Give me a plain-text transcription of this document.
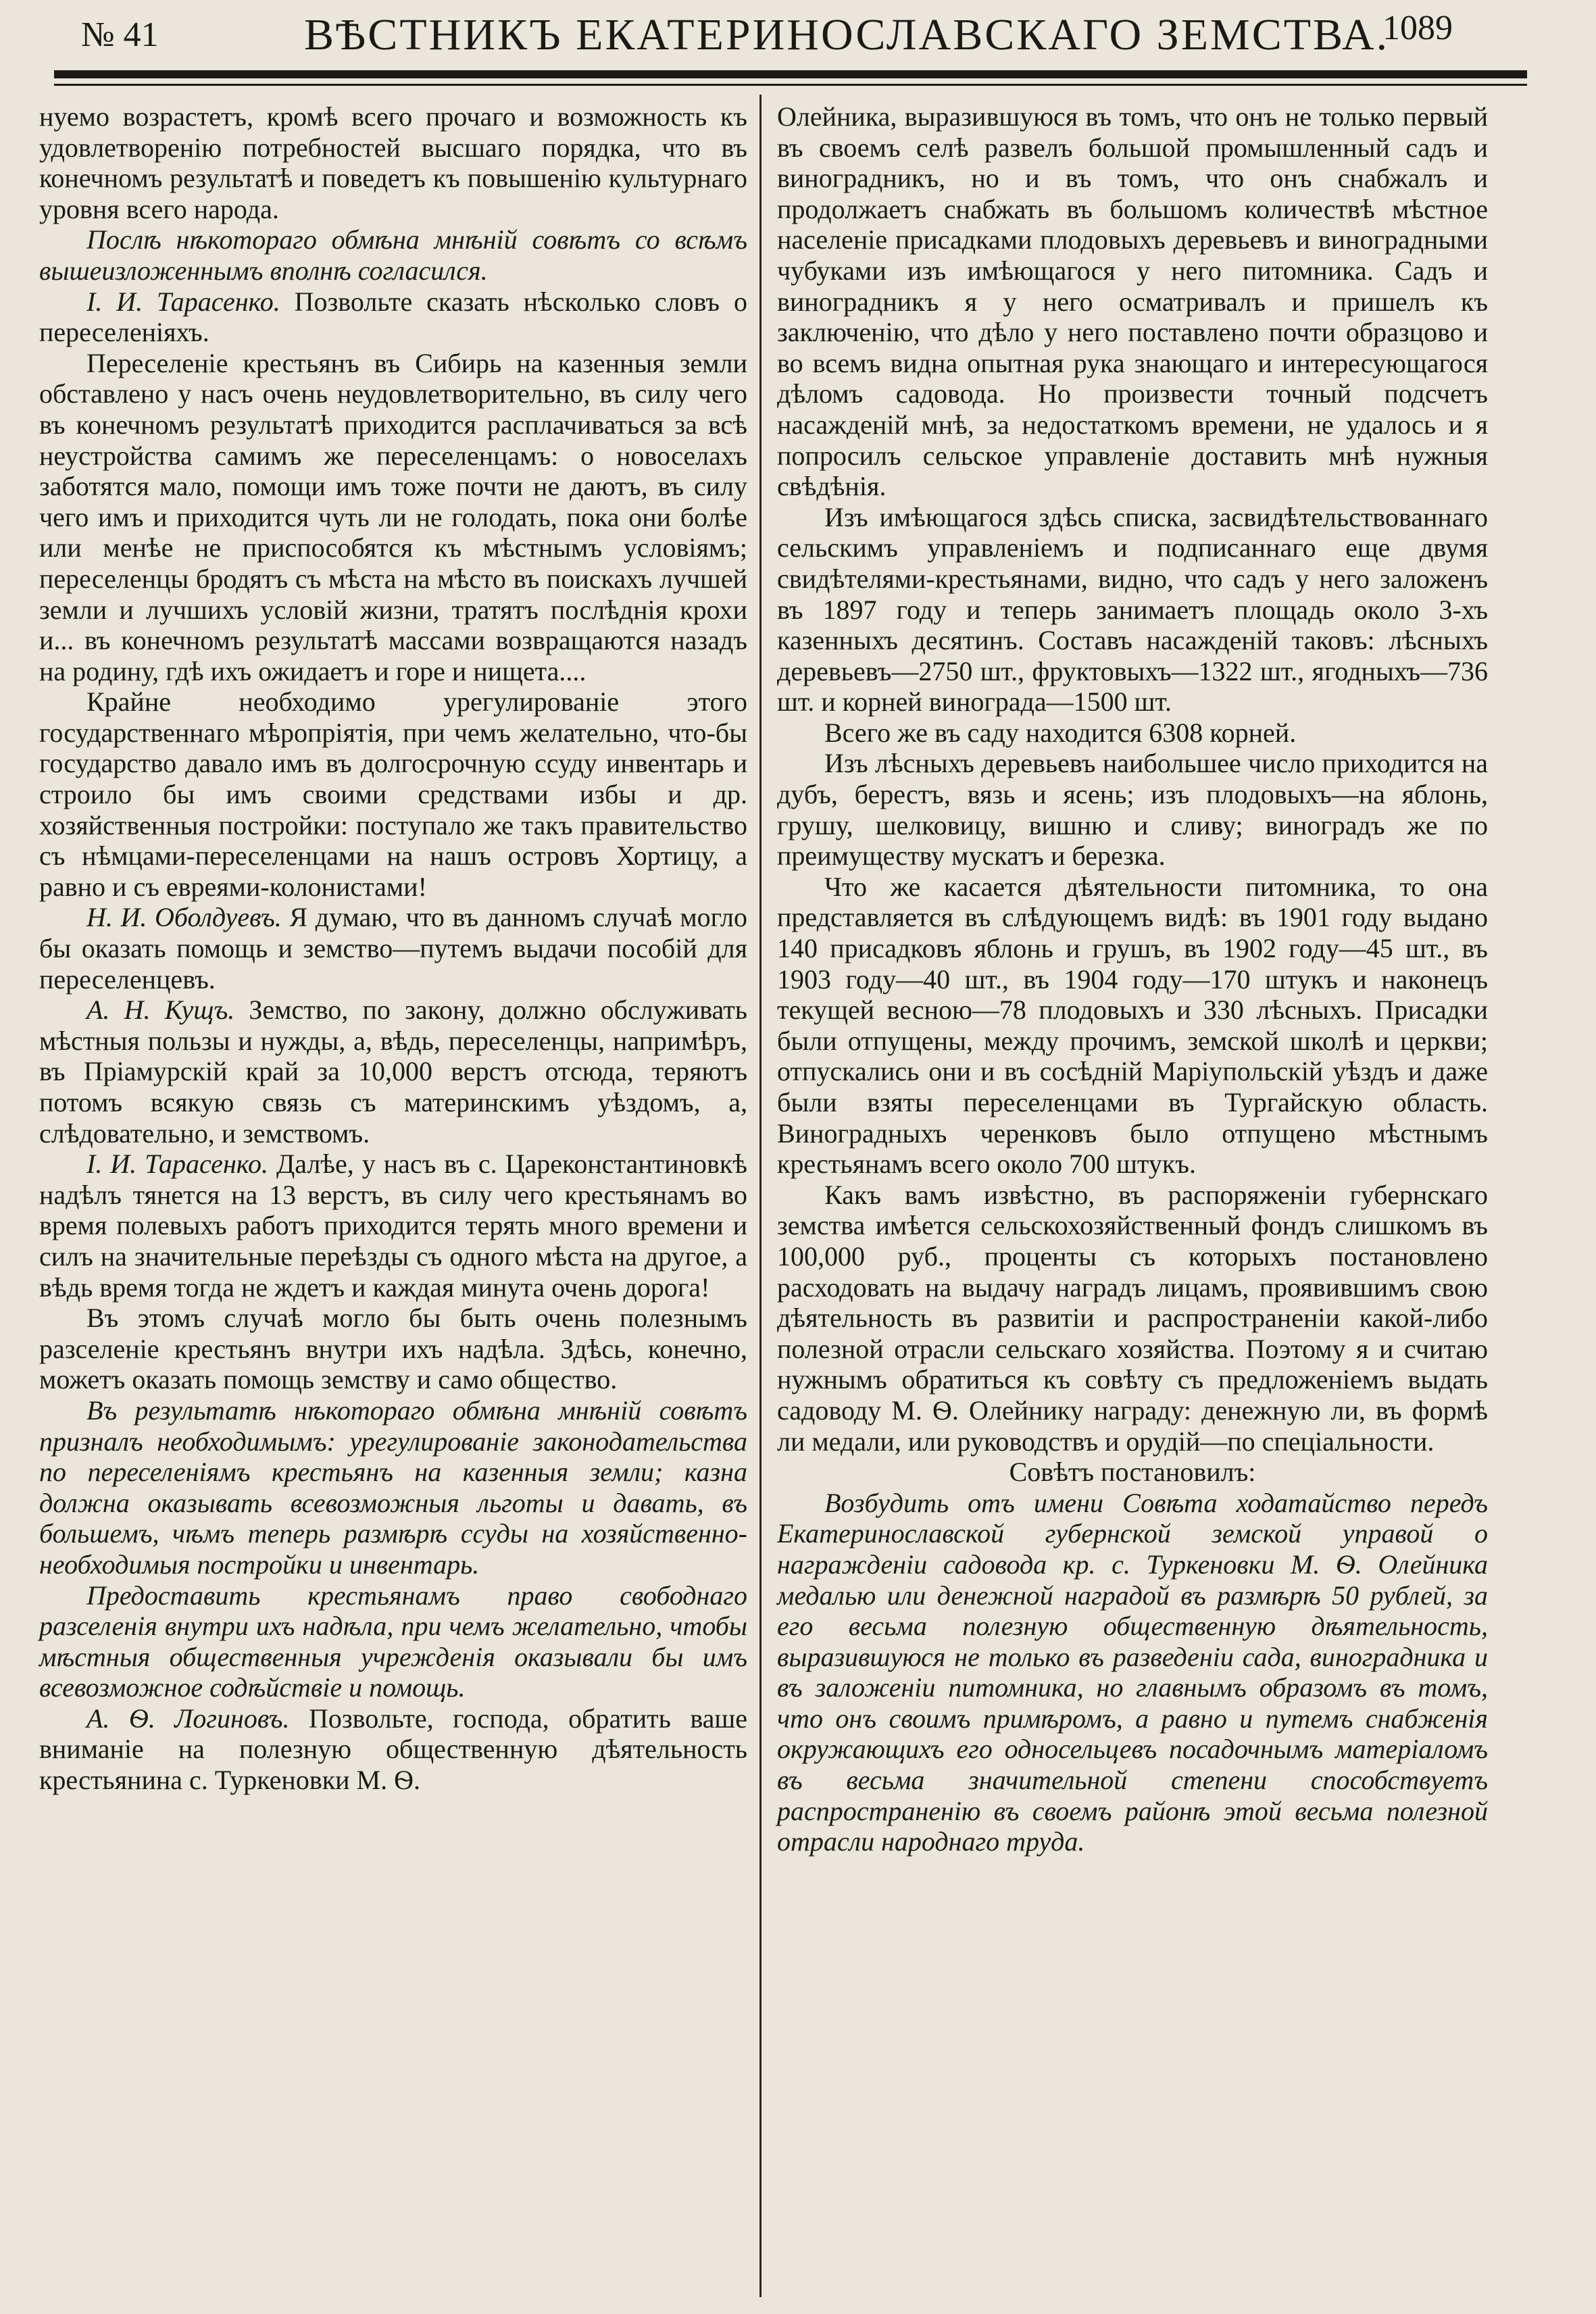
№ 41	ВѢСТНИКЪ ЕКАТЕРИНОСЛАВСКАГО ЗЕМСТВА.
1089

нуемо возрастетъ, кромѣ всего прочаго и возможность къ удовлетворенію потребностей высшаго порядка, что въ конечномъ результатѣ и поведетъ къ повышенію культурнаго уровня всего народа.

Послѣ нѣкотораго обмѣна мнѣній совѣтъ со всѣмъ вышеизложеннымъ вполнѣ согласился.

І. И. Тарасенко. Позвольте сказать нѣсколько словъ о переселеніяхъ.

Переселеніе крестьянъ въ Сибирь на казенныя земли обставлено у насъ очень неудовлетворительно, въ силу чего въ конечномъ результатѣ приходится расплачиваться за всѣ неустройства самимъ же переселенцамъ: о новоселахъ заботятся мало, помощи имъ тоже почти не даютъ, въ силу чего имъ и приходится чуть ли не голодать, пока они болѣе или менѣе не приспособятся къ мѣстнымъ условіямъ; переселенцы бродятъ съ мѣста на мѣсто въ поискахъ лучшей земли и лучшихъ условій жизни, тратятъ послѣднія крохи и... въ конечномъ результатѣ массами возвращаются назадъ на родину, гдѣ ихъ ожидаетъ и горе и нищета....

Крайне необходимо урегулированіе этого государственнаго мѣропріятія, при чемъ желательно, что-бы государство давало имъ въ долгосрочную ссуду инвентарь и строило бы имъ своими средствами избы и др. хозяйственныя постройки: поступало же такъ правительство съ нѣмцами-переселенцами на нашъ островъ Хортицу, а равно и съ евреями-колонистами!

Н. И. Оболдуевъ. Я думаю, что въ данномъ случаѣ могло бы оказать помощь и земство—путемъ выдачи пособій для переселенцевъ.

А. Н. Кущъ. Земство, по закону, должно обслуживать мѣстныя пользы и нужды, а, вѣдь, переселенцы, напримѣръ, въ Пріамурскій край за 10,000 верстъ отсюда, теряютъ потомъ всякую связь съ материнскимъ уѣздомъ, а, слѣдовательно, и земствомъ.

І. И. Тарасенко. Далѣе, у насъ въ с. Цареконстантиновкѣ надѣлъ тянется на 13 верстъ, въ силу чего крестьянамъ во время полевыхъ работъ приходится терять много времени и силъ на значительные переѣзды съ одного мѣста на другое, а вѣдь время тогда не ждетъ и каждая минута очень дорога!

Въ этомъ случаѣ могло бы быть очень полезнымъ разселеніе крестьянъ внутри ихъ надѣла. Здѣсь, конечно, можетъ оказать помощь земству и само общество.

Въ результатѣ нѣкотораго обмѣна мнѣній совѣтъ призналъ необходимымъ: урегулированіе законодательства по переселеніямъ крестьянъ на казенныя земли; казна должна оказывать всевозможныя льготы и давать, въ большемъ, чѣмъ теперь размѣрѣ ссуды на хозяйственно-необходимыя постройки и инвентарь.

Предоставить крестьянамъ право свободнаго разселенія внутри ихъ надѣла, при чемъ желательно, чтобы мѣстныя общественныя учрежденія оказывали бы имъ всевозможное содѣйствіе и помощь.

А. Ѳ. Логиновъ. Позвольте, господа, обратить ваше вниманіе на полезную общественную дѣятельность крестьянина с. Туркеновки М. Ѳ.

Олейника, выразившуюся въ томъ, что онъ не только первый въ своемъ селѣ развелъ большой промышленный садъ и виноградникъ, но и въ томъ, что онъ снабжалъ и продолжаетъ снабжать въ большомъ количествѣ мѣстное населеніе присадками плодовыхъ деревьевъ и виноградными чубуками изъ имѣющагося у него питомника. Садъ и виноградникъ я у него осматривалъ и пришелъ къ заключенію, что дѣло у него поставлено почти образцово и во всемъ видна опытная рука знающаго и интересующагося дѣломъ садовода. Но произвести точный подсчетъ насажденій мнѣ, за недостаткомъ времени, не удалось и я попросилъ сельское управленіе доставить мнѣ нужныя свѣдѣнія.

Изъ имѣющагося здѣсь списка, засвидѣтельствованнаго сельскимъ управленіемъ и подписаннаго еще двумя свидѣтелями-крестьянами, видно, что садъ у него заложенъ въ 1897 году и теперь занимаетъ площадь около 3-хъ казенныхъ десятинъ. Составъ насажденій таковъ: лѣсныхъ деревьевъ—2750 шт., фруктовыхъ—1322 шт., ягодныхъ—736 шт. и корней винограда—1500 шт.

Всего же въ саду находится 6308 корней.

Изъ лѣсныхъ деревьевъ наибольшее число приходится на дубъ, берестъ, вязь и ясень; изъ плодовыхъ—на яблонь, грушу, шелковицу, вишню и сливу; виноградъ же по преимуществу мускатъ и березка.

Что же касается дѣятельности питомника, то она представляется въ слѣдующемъ видѣ: въ 1901 году выдано 140 присадковъ яблонь и грушъ, въ 1902 году—45 шт., въ 1903 году—40 шт., въ 1904 году—170 штукъ и наконецъ текущей весною—78 плодовыхъ и 330 лѣсныхъ. Присадки были отпущены, между прочимъ, земской школѣ и церкви; отпускались они и въ сосѣдній Маріупольскій уѣздъ и даже были взяты переселенцами въ Тургайскую область. Виноградныхъ черенковъ было отпущено мѣстнымъ крестьянамъ всего около 700 штукъ.

Какъ вамъ извѣстно, въ распоряженіи губернскаго земства имѣется сельскохозяйственный фондъ слишкомъ въ 100,000 руб., проценты съ которыхъ постановлено расходовать на выдачу наградъ лицамъ, проявившимъ свою дѣятельность въ развитіи и распространеніи какой-либо полезной отрасли сельскаго хозяйства. Поэтому я и считаю нужнымъ обратиться къ совѣту съ предложеніемъ выдать садоводу М. Ѳ. Олейнику награду: денежную ли, въ формѣ ли медали, или руководствъ и орудій—по спеціальности.

Совѣтъ постановилъ:

Возбудить отъ имени Совѣта ходатайство передъ Екатеринославской губернской земской управой о награжденіи садовода кр. с. Туркеновки М. Ѳ. Олейника медалью или денежной наградой въ размѣрѣ 50 рублей, за его весьма полезную общественную дѣятельность, выразившуюся не только въ разведеніи сада, виноградника и въ заложеніи питомника, но главнымъ образомъ въ томъ, что онъ своимъ примѣромъ, а равно и путемъ снабженія окружающихъ его односельцевъ посадочнымъ матеріаломъ въ весьма значительной степени способствуетъ распространенію въ своемъ районѣ этой весьма полезной отрасли народнаго труда.
